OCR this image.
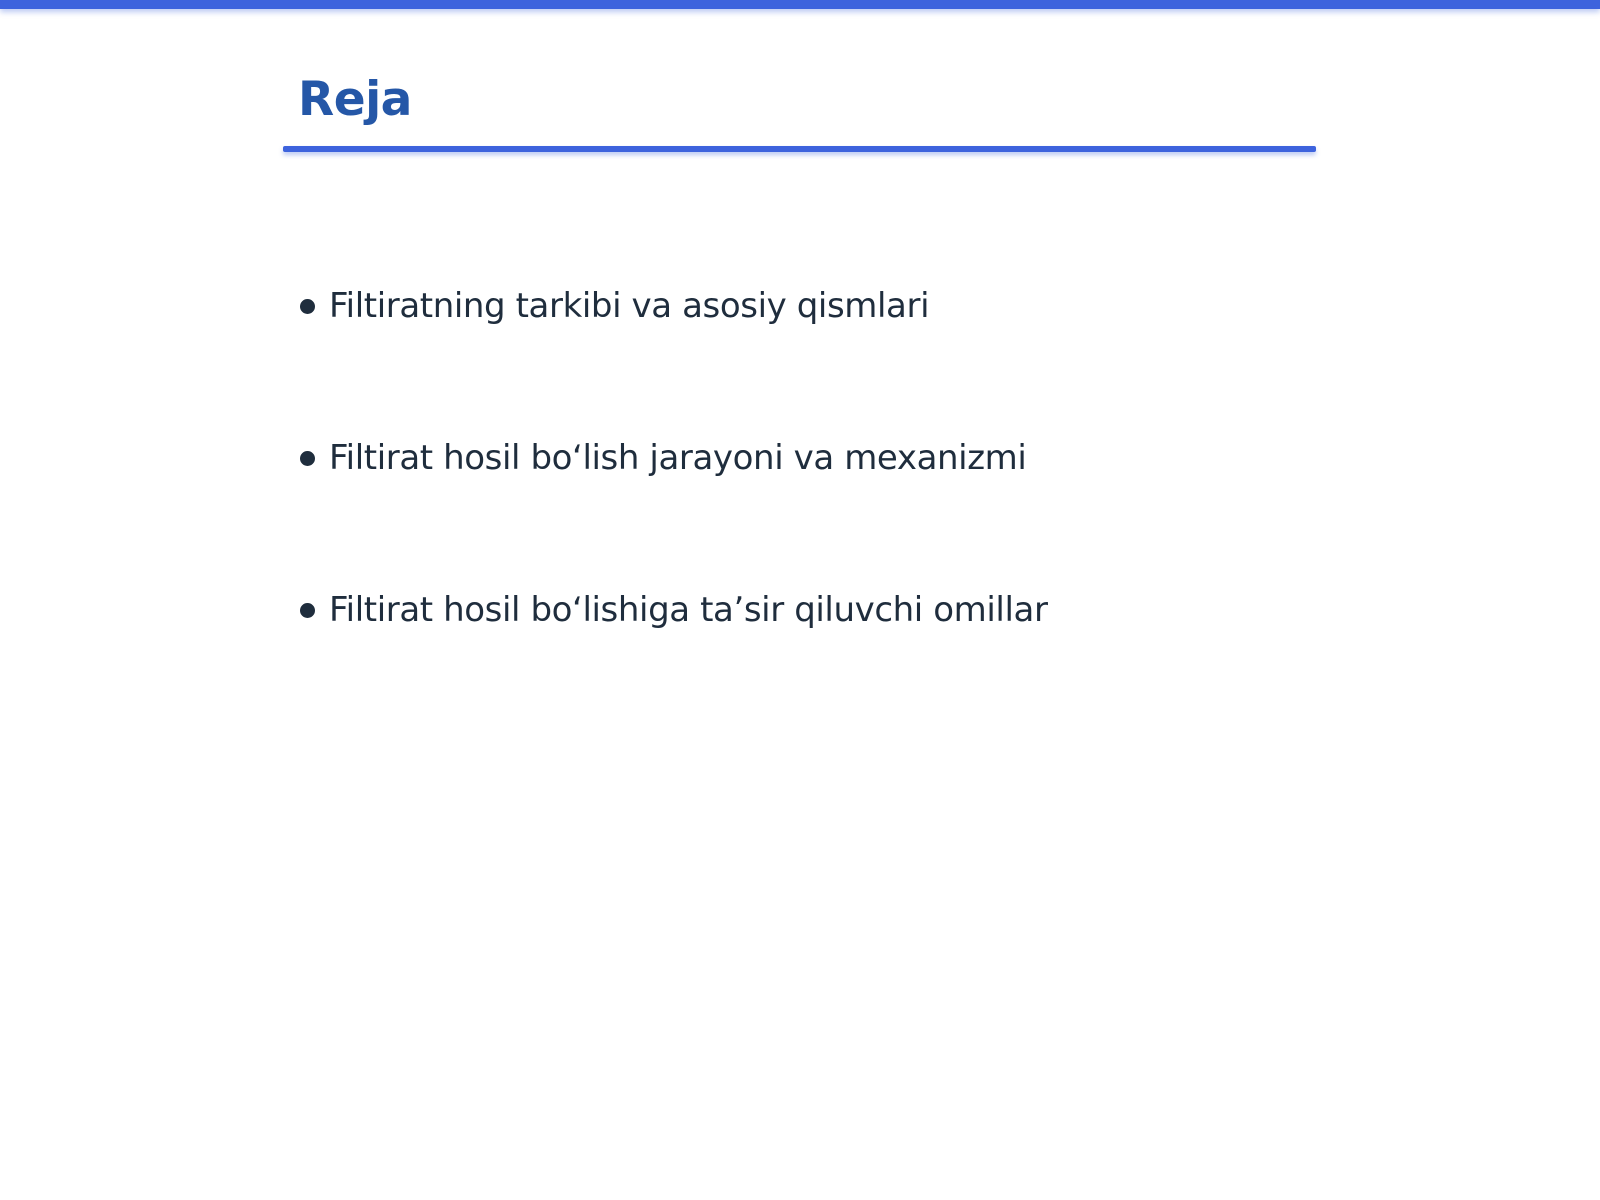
Reja
Filtiratning tarkibi va asosiy qismlari
Filtirat hosil bo‘lish jarayoni va mexanizmi
Filtirat hosil bo‘lishiga ta’sir qiluvchi omillar
